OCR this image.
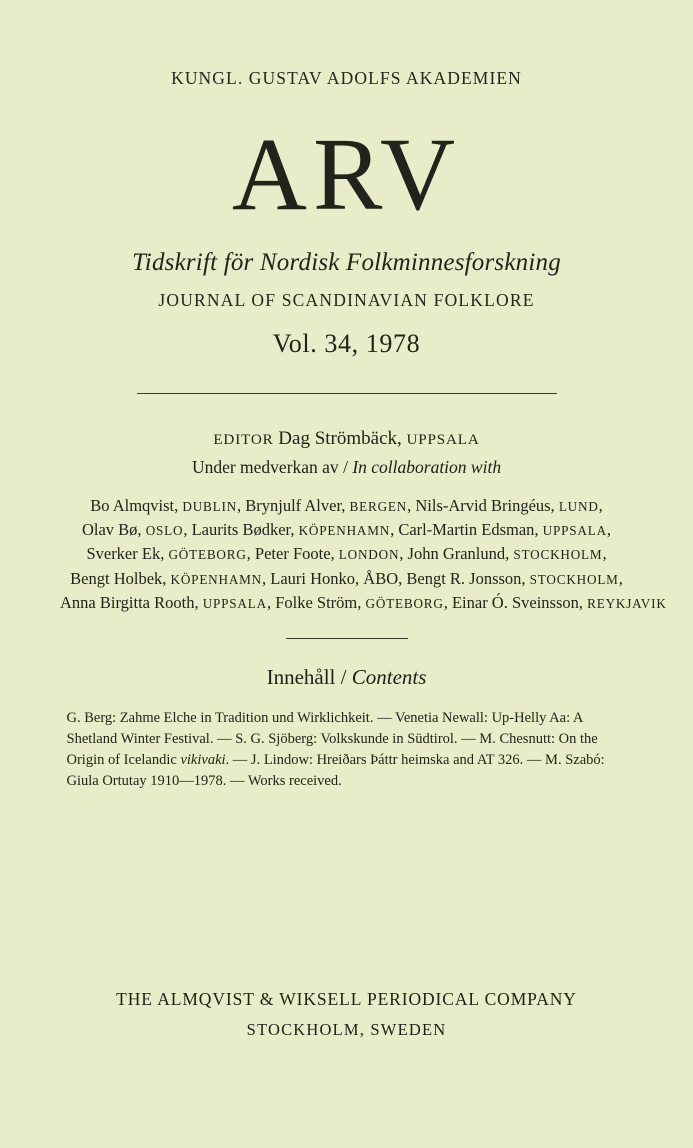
KUNGL. GUSTAV ADOLFS AKADEMIEN
ARV
Tidskrift för Nordisk Folkminnesforskning
JOURNAL OF SCANDINAVIAN FOLKLORE
Vol. 34, 1978
EDITOR Dag Strömbäck, UPPSALA
Under medverkan av / In collaboration with
Bo Almqvist, DUBLIN, Brynjulf Alver, BERGEN, Nils-Arvid Bringéus, LUND,
Olav Bø, OSLO, Laurits Bødker, KÖPENHAMN, Carl-Martin Edsman, UPPSALA,
Sverker Ek, GÖTEBORG, Peter Foote, LONDON, John Granlund, STOCKHOLM,
Bengt Holbek, KÖPENHAMN, Lauri Honko, ÅBO, Bengt R. Jonsson, STOCKHOLM,
Anna Birgitta Rooth, UPPSALA, Folke Ström, GÖTEBORG, Einar Ó. Sveinsson, REYKJAVIK
Innehåll / Contents
G. Berg: Zahme Elche in Tradition und Wirklichkeit. — Venetia Newall: Up-Helly Aa: A Shetland Winter Festival. — S. G. Sjöberg: Volkskunde in Südtirol. — M. Chesnutt: On the Origin of Icelandic vikivaki. — J. Lindow: Hreiðars Þáttr heimska and AT 326. — M. Szabó: Giula Ortutay 1910—1978. — Works received.
THE ALMQVIST & WIKSELL PERIODICAL COMPANY
STOCKHOLM, SWEDEN
